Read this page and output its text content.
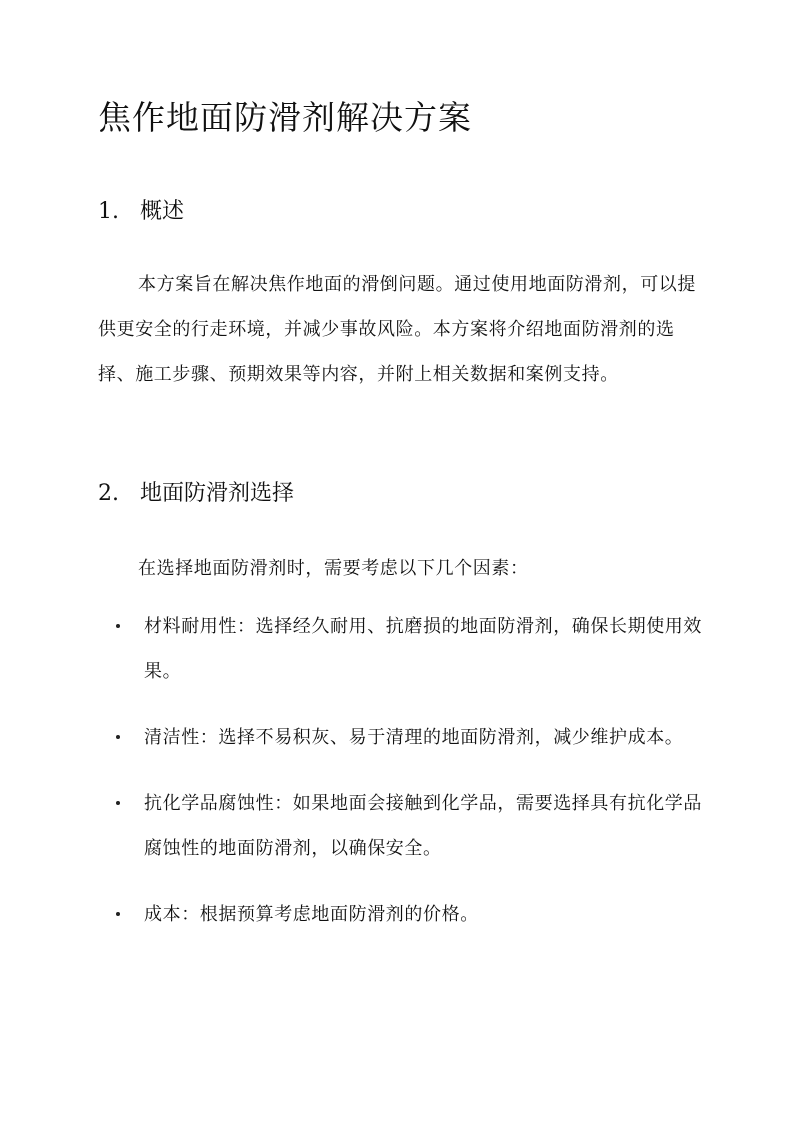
焦作地面防滑剂解决方案
1. 概述

本方案旨在解决焦作地面的滑倒问题。通过使用地面防滑剂，可以提供更安全的行走环境，并减少事故风险。本方案将介绍地面防滑剂的选择、施工步骤、预期效果等内容，并附上相关数据和案例支持。

2. 地面防滑剂选择

在选择地面防滑剂时，需要考虑以下几个因素：

材料耐用性：选择经久耐用、抗磨损的地面防滑剂，确保长期使用效果。
清洁性：选择不易积灰、易于清理的地面防滑剂，减少维护成本。
抗化学品腐蚀性：如果地面会接触到化学品，需要选择具有抗化学品腐蚀性的地面防滑剂，以确保安全。
成本：根据预算考虑地面防滑剂的价格。
